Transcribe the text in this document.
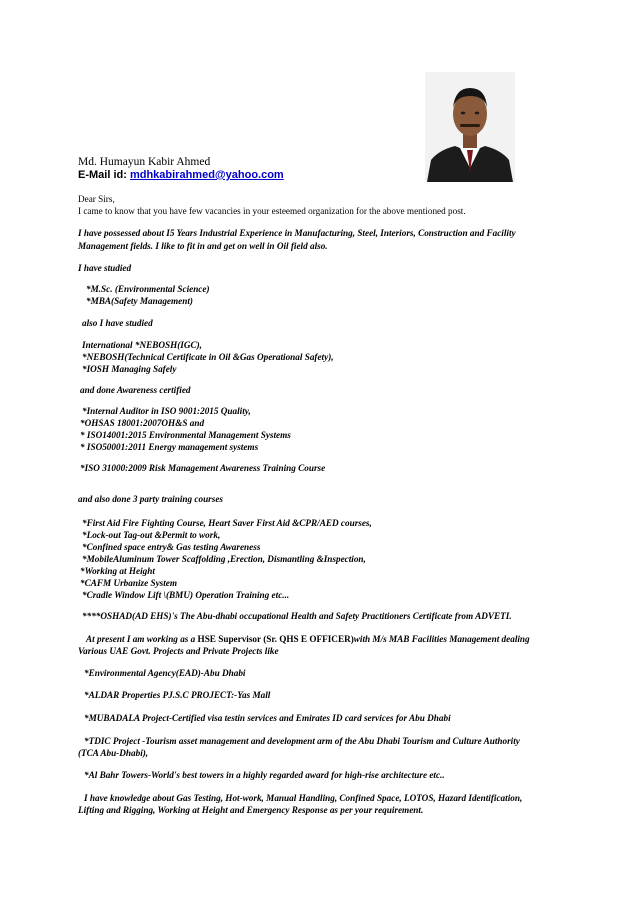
Md. Humayun Kabir Ahmed
E-Mail id: mdhkabirahmed@yahoo.com
Dear Sirs,
I came to know that you have few vacancies in your esteemed organization for the above mentioned post.
I have possessed about I5 Years Industrial Experience in Manufacturing, Steel, Interiors, Construction and Facility
Management fields. I like to fit in and get on well in Oil field also.
I have studied
*M.Sc. (Environmental Science)
*MBA(Safety Management)
also I have studied
International *NEBOSH(IGC),
*NEBOSH(Technical Certificate in Oil &Gas Operational Safety),
*IOSH Managing Safely
and done Awareness certified
*Internal Auditor in ISO 9001:2015 Quality,
*OHSAS 18001:2007OH&S and
* ISO14001:2015 Environmental Management Systems
* ISO50001:2011 Energy management systems
*ISO 31000:2009 Risk Management Awareness Training Course
and also done 3 party training courses
*First Aid Fire Fighting Course, Heart Saver First Aid &CPR/AED courses,
*Lock-out Tag-out &Permit to work,
*Confined space entry& Gas testing Awareness
*MobileAluminum Tower Scaffolding ,Erection, Dismantling &Inspection,
*Working at Height
*CAFM Urbanize System
*Cradle Window Lift \(BMU) Operation Training etc...
****OSHAD(AD EHS)'s The Abu-dhabi occupational Health and Safety Practitioners Certificate from ADVETI.
At present I am working as a HSE Supervisor (Sr. QHS E OFFICER)with M/s MAB Facilities Management dealing
Various UAE Govt. Projects and Private Projects like
*Environmental Agency(EAD)-Abu Dhabi
*ALDAR Properties PJ.S.C PROJECT:-Yas Mall
*MUBADALA Project-Certified visa testin services and Emirates ID card services for Abu Dhabi
*TDIC Project -Tourism asset management and development arm of the Abu Dhabi Tourism and Culture Authority
(TCA Abu-Dhabi),
*Al Bahr Towers-World's best towers in a highly regarded award for high-rise architecture etc..
I have knowledge about Gas Testing, Hot-work, Manual Handling, Confined Space, LOTOS, Hazard Identification,
Lifting and Rigging, Working at Height and Emergency Response as per your requirement.
